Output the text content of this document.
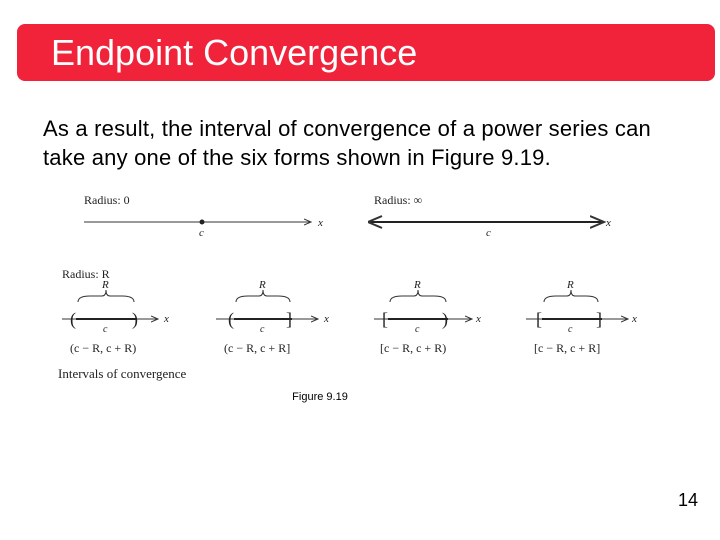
Endpoint Convergence
As a result, the interval of convergence of a power series can take any one of the six forms shown in Figure 9.19.
Radius: 0
c
x
Radius: ∞
c
x
Radius: R
(	)
R
c
x
(c − R, c + R)
(	]
R
c
x
(c − R, c + R]
[	)
R
c
x
[c − R, c + R)
[	]
R
c
x
[c − R, c + R]
Intervals of convergence
Figure 9.19
14
